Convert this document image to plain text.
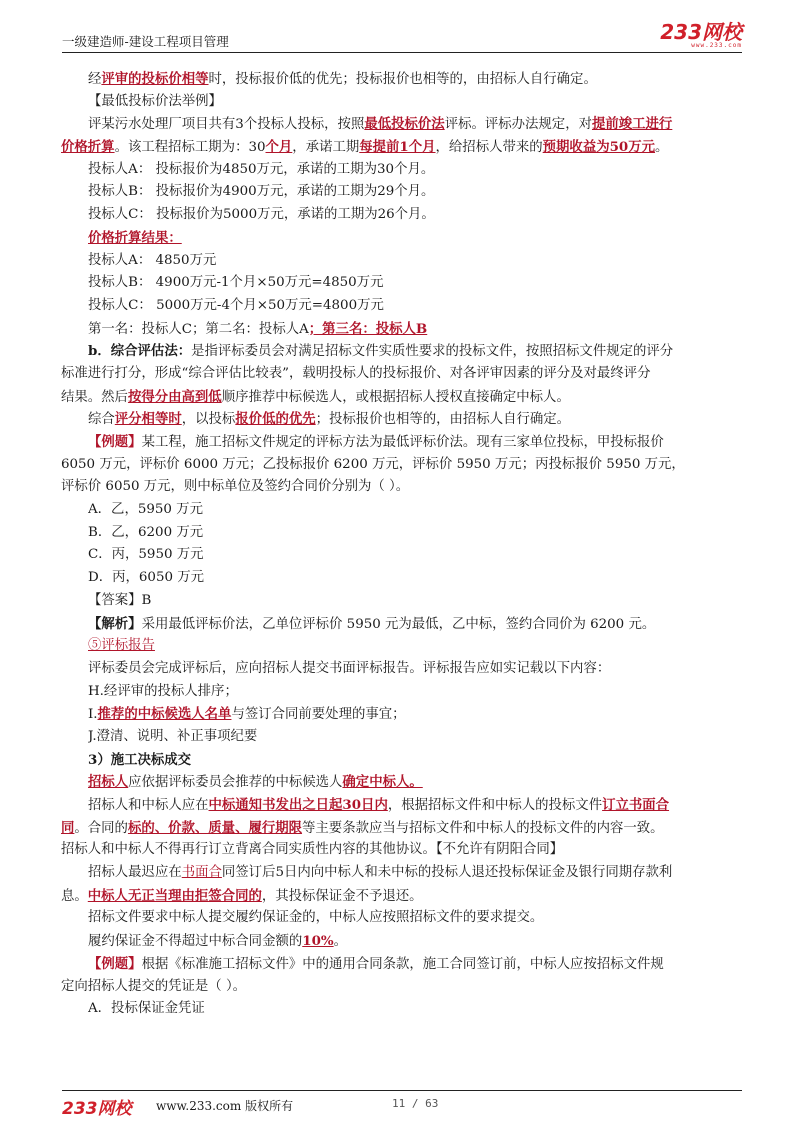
一级建造师-建设工程项目管理	233网校
www.233.com
经评审的投标价相等时，投标报价低的优先；投标报价也相等的，由招标人自行确定。
【最低投标价法举例】
评某污水处理厂项目共有3个投标人投标，按照最低投标价法评标。评标办法规定，对提前竣工进行
价格折算。该工程招标工期为：30个月，承诺工期每提前1个月，给招标人带来的预期收益为50万元。
投标人A： 投标报价为4850万元，承诺的工期为30个月。
投标人B： 投标报价为4900万元，承诺的工期为29个月。
投标人C： 投标报价为5000万元，承诺的工期为26个月。
价格折算结果：
投标人A： 4850万元
投标人B： 4900万元-1个月×50万元=4850万元
投标人C： 5000万元-4个月×50万元=4800万元
第一名：投标人C；第二名：投标人A；第三名：投标人B
b．综合评估法：是指评标委员会对满足招标文件实质性要求的投标文件，按照招标文件规定的评分
标准进行打分，形成“综合评估比较表”，载明投标人的投标报价、对各评审因素的评分及对最终评分
结果。然后按得分由高到低顺序推荐中标候选人，或根据招标人授权直接确定中标人。
综合评分相等时，以投标报价低的优先；投标报价也相等的，由招标人自行确定。
【例题】某工程，施工招标文件规定的评标方法为最低评标价法。现有三家单位投标，甲投标报价
6050 万元，评标价 6000 万元；乙投标报价 6200 万元，评标价 5950 万元；丙投标报价 5950 万元，
评标价 6050 万元，则中标单位及签约合同价分别为（ ）。
A．乙，5950 万元
B．乙，6200 万元
C．丙，5950 万元
D．丙，6050 万元
【答案】B
【解析】采用最低评标价法，乙单位评标价 5950 元为最低，乙中标，签约合同价为 6200 元。
⑤评标报告
评标委员会完成评标后，应向招标人提交书面评标报告。评标报告应如实记载以下内容：
H.经评审的投标人排序；
I.推荐的中标候选人名单与签订合同前要处理的事宜；
J.澄清、说明、补正事项纪要
3）施工决标成交
招标人应依据评标委员会推荐的中标候选人确定中标人。
招标人和中标人应在中标通知书发出之日起30日内，根据招标文件和中标人的投标文件订立书面合
同。合同的标的、价款、质量、履行期限等主要条款应当与招标文件和中标人的投标文件的内容一致。
招标人和中标人不得再行订立背离合同实质性内容的其他协议。【不允许有阴阳合同】
招标人最迟应在书面合同签订后5日内向中标人和未中标的投标人退还投标保证金及银行同期存款利
息。中标人无正当理由拒签合同的，其投标保证金不予退还。
招标文件要求中标人提交履约保证金的，中标人应按照招标文件的要求提交。
履约保证金不得超过中标合同金额的10%。
【例题】根据《标准施工招标文件》中的通用合同条款，施工合同签订前，中标人应按招标文件规
定向招标人提交的凭证是（ ）。
A．投标保证金凭证
233网校 www.233.com 版权所有	11 / 63
